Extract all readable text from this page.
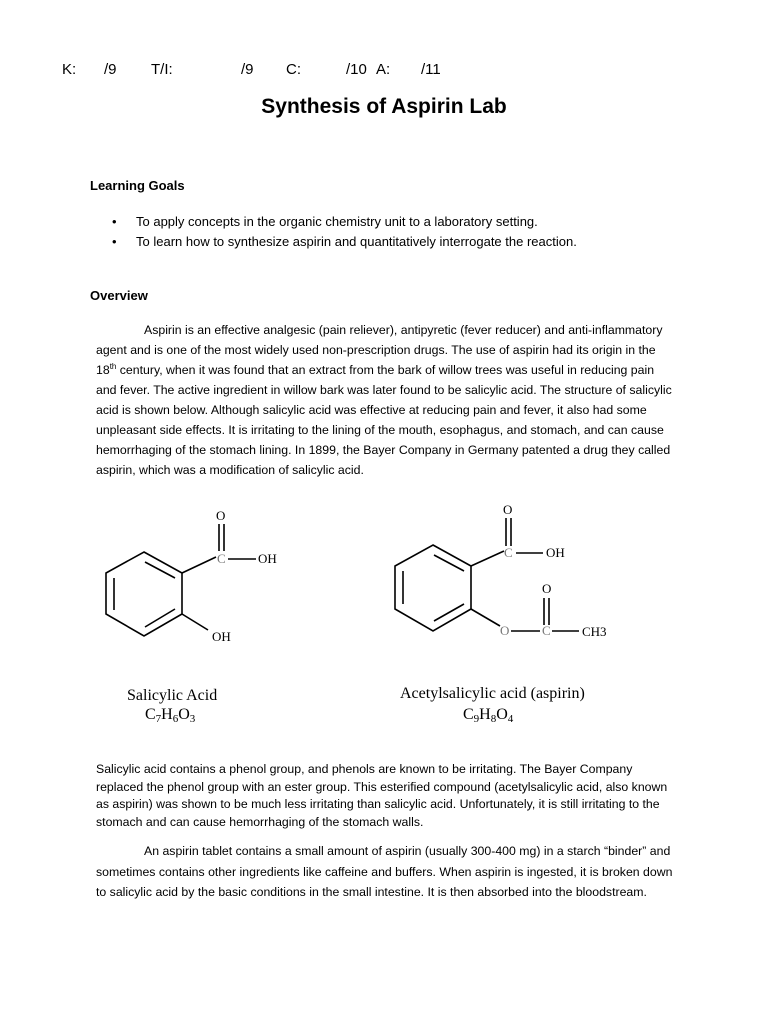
K: /9 T/I:	/9 C:	/10 A: /11
Synthesis of Aspirin Lab
Learning Goals
• To apply concepts in the organic chemistry unit to a laboratory setting.
• To learn how to synthesize aspirin and quantitatively interrogate the reaction.
Overview

Aspirin is an effective analgesic (pain reliever), antipyretic (fever reducer) and anti-inflammatory agent and is one of the most widely used non-prescription drugs. The use of aspirin had its origin in the 18th century, when it was found that an extract from the bark of willow trees was useful in reducing pain and fever. The active ingredient in willow bark was later found to be salicylic acid. The structure of salicylic acid is shown below. Although salicylic acid was effective at reducing pain and fever, it also had some unpleasant side effects. It is irritating to the lining of the mouth, esophagus, and stomach, and can cause hemorrhaging of the stomach lining. In 1899, the Bayer Company in Germany patented a drug they called aspirin, which was a modification of salicylic acid.

O
C OH
OH
O
C	OH
O
O	C CH3
Salicylic Acid
C7H6O3
Acetylsalicylic acid (aspirin)
C9H8O4

Salicylic acid contains a phenol group, and phenols are known to be irritating. The Bayer Company replaced the phenol group with an ester group. This esterified compound (acetylsalicylic acid, also known as aspirin) was shown to be much less irritating than salicylic acid. Unfortunately, it is still irritating to the stomach and can cause hemorrhaging of the stomach walls.

An aspirin tablet contains a small amount of aspirin (usually 300-400 mg) in a starch “binder” and sometimes contains other ingredients like caffeine and buffers. When aspirin is ingested, it is broken down to salicylic acid by the basic conditions in the small intestine. It is then absorbed into the bloodstream.
